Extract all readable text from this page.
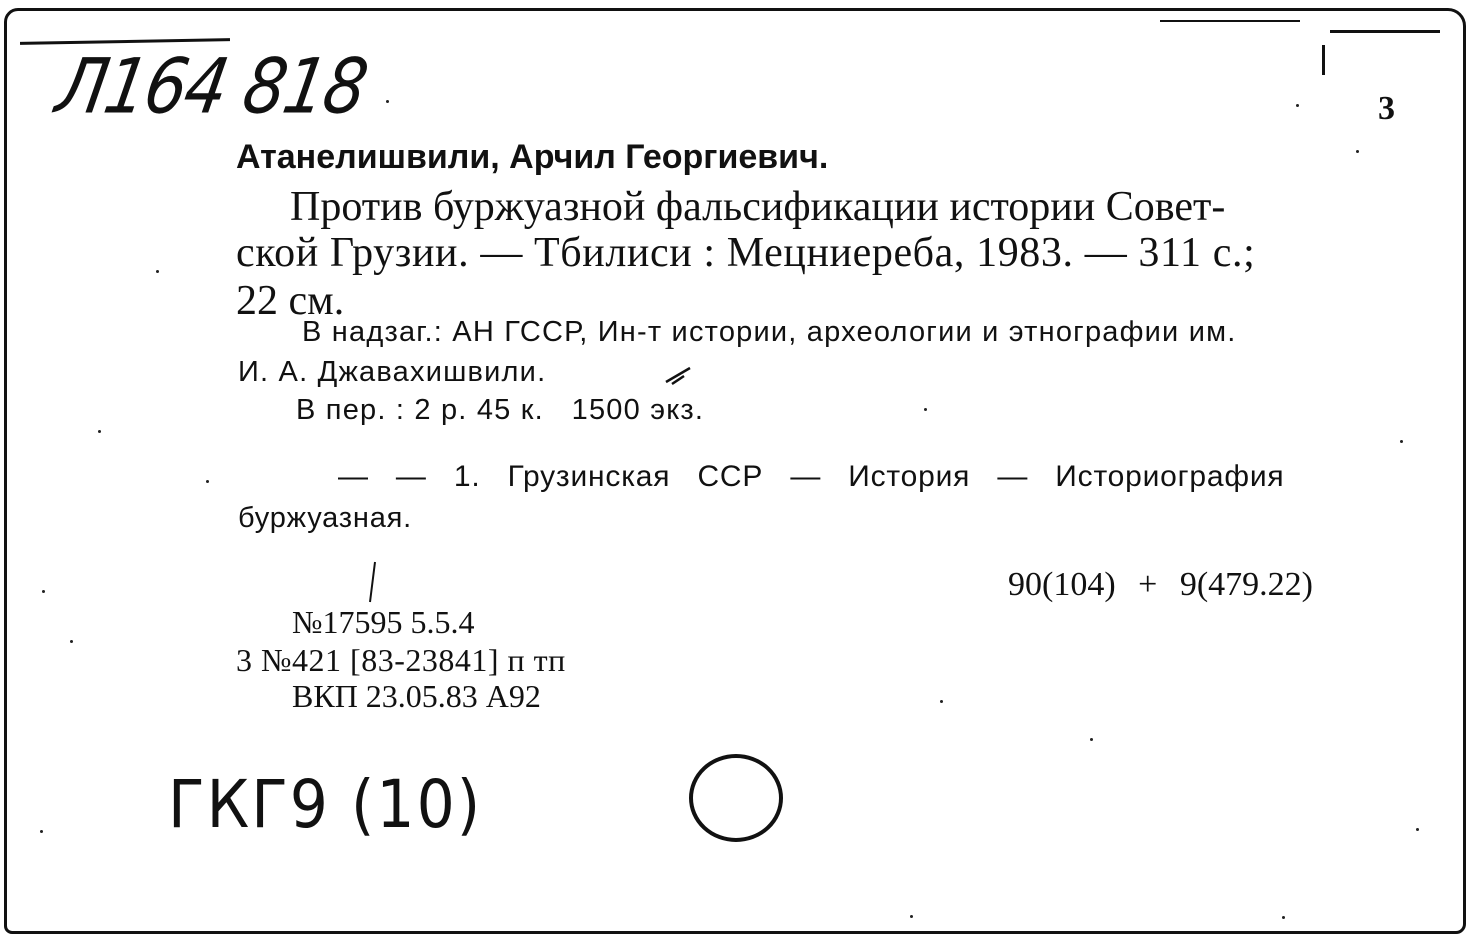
Л164 818	3
Атанелишвили, Арчил Георгиевич.
Против буржуазной фальсификации истории Совет-
ской Грузии. — Тбилиси : Мецниереба, 1983. — 311 с.;
22 см.
В надзаг.: АН ГССР, Ин-т истории, археологии и этнографии им.
И. А. Джавахишвили.
В пер. : 2 р. 45 к.   1500 экз.
— — 1. Грузинская ССР — История — Историография
буржуазная.
90(104) + 9(479.22)
№17595 5.5.4
3 №421 [83-23841] п тп
ВКП 23.05.83 А92
ГКГ9 (10)
